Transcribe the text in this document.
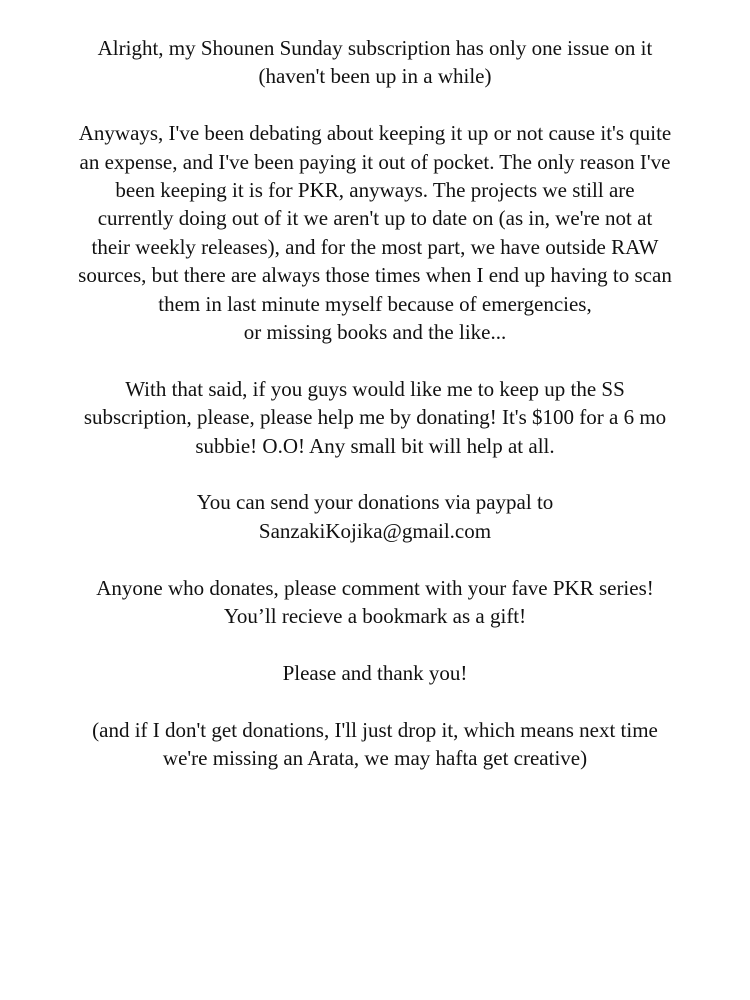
Alright, my Shounen Sunday subscription has only one issue on it
(haven't been up in a while)
Anyways, I've been debating about keeping it up or not cause it's quite
an expense, and I've been paying it out of pocket. The only reason I've
been keeping it is for PKR, anyways. The projects we still are
currently doing out of it we aren't up to date on (as in, we're not at
their weekly releases), and for the most part, we have outside RAW
sources, but there are always those times when I end up having to scan
them in last minute myself because of emergencies,
or missing books and the like...
With that said, if you guys would like me to keep up the SS
subscription, please, please help me by donating! It's $100 for a 6 mo
subbie! O.O! Any small bit will help at all.
You can send your donations via paypal to
SanzakiKojika@gmail.com
Anyone who donates, please comment with your fave PKR series!
You’ll recieve a bookmark as a gift!
Please and thank you!
(and if I don't get donations, I'll just drop it, which means next time
we're missing an Arata, we may hafta get creative)
